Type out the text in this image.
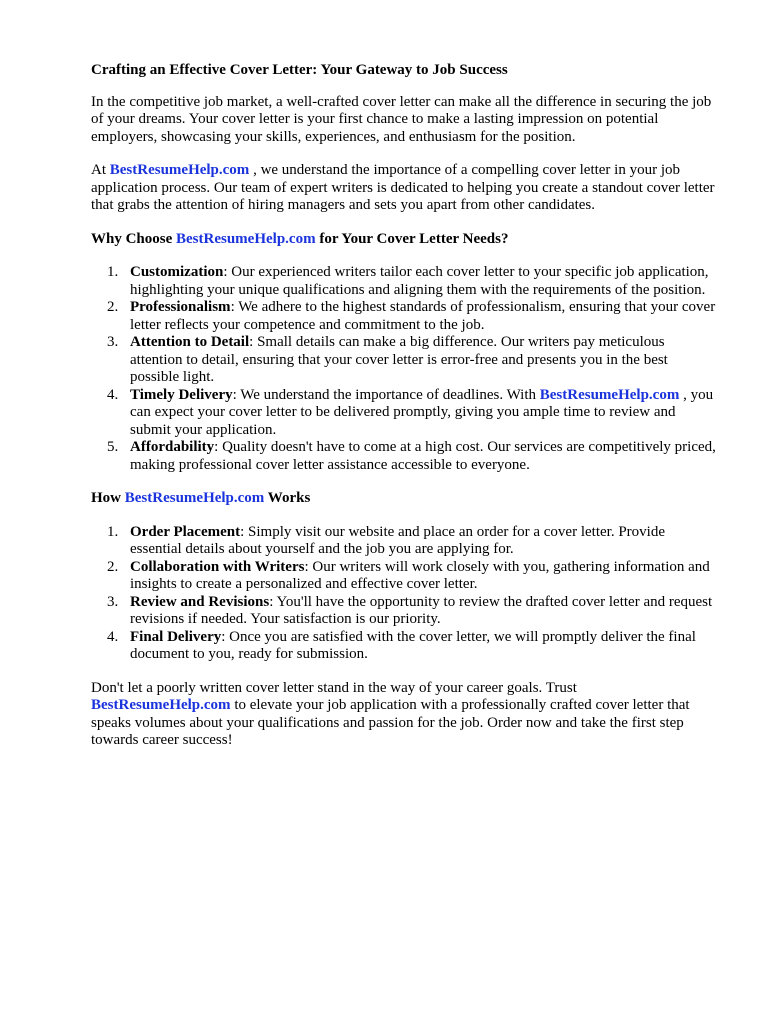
Crafting an Effective Cover Letter: Your Gateway to Job Success

In the competitive job market, a well-crafted cover letter can make all the difference in securing the job of your dreams. Your cover letter is your first chance to make a lasting impression on potential employers, showcasing your skills, experiences, and enthusiasm for the position.

At BestResumeHelp.com , we understand the importance of a compelling cover letter in your job application process. Our team of expert writers is dedicated to helping you create a standout cover letter that grabs the attention of hiring managers and sets you apart from other candidates.

Why Choose BestResumeHelp.com for Your Cover Letter Needs?
1. Customization: Our experienced writers tailor each cover letter to your specific job application, highlighting your unique qualifications and aligning them with the requirements of the position.
2. Professionalism: We adhere to the highest standards of professionalism, ensuring that your cover letter reflects your competence and commitment to the job.
3. Attention to Detail: Small details can make a big difference. Our writers pay meticulous attention to detail, ensuring that your cover letter is error-free and presents you in the best possible light.
4. Timely Delivery: We understand the importance of deadlines. With BestResumeHelp.com , you can expect your cover letter to be delivered promptly, giving you ample time to review and submit your application.
5. Affordability: Quality doesn't have to come at a high cost. Our services are competitively priced, making professional cover letter assistance accessible to everyone.
How BestResumeHelp.com Works
1. Order Placement: Simply visit our website and place an order for a cover letter. Provide essential details about yourself and the job you are applying for.
2. Collaboration with Writers: Our writers will work closely with you, gathering information and insights to create a personalized and effective cover letter.
3. Review and Revisions: You'll have the opportunity to review the drafted cover letter and request revisions if needed. Your satisfaction is our priority.
4. Final Delivery: Once you are satisfied with the cover letter, we will promptly deliver the final document to you, ready for submission.

Don't let a poorly written cover letter stand in the way of your career goals. Trust BestResumeHelp.com to elevate your job application with a professionally crafted cover letter that speaks volumes about your qualifications and passion for the job. Order now and take the first step towards career success!
